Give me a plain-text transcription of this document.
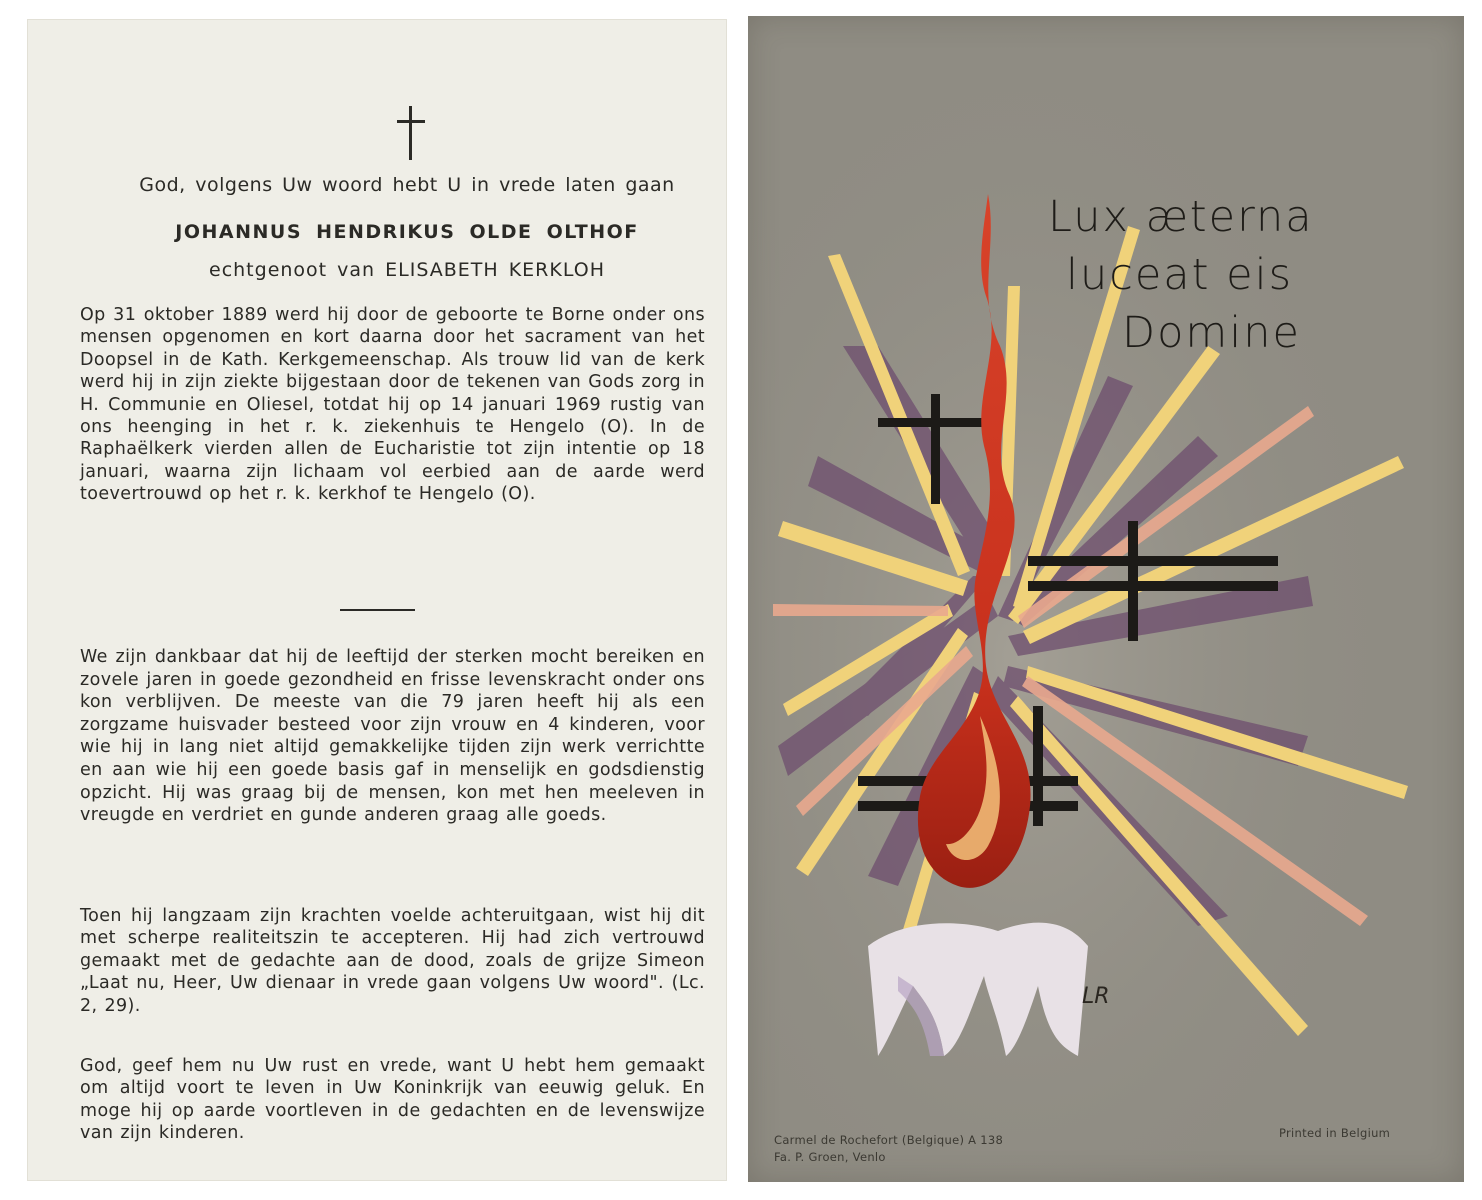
God, volgens Uw woord hebt U in vrede laten gaan
JOHANNUS HENDRIKUS OLDE OLTHOF
echtgenoot van ELISABETH KERKLOH

Op 31 oktober 1889 werd hij door de geboorte te Borne onder ons mensen opgenomen en kort daarna door het sacrament van het Doopsel in de Kath. Kerkgemeenschap. Als trouw lid van de kerk werd hij in zijn ziekte bijgestaan door de tekenen van Gods zorg in H. Communie en Oliesel, totdat hij op 14 januari 1969 rustig van ons heenging in het r. k. ziekenhuis te Hengelo (O). In de Raphaëlkerk vierden allen de Eucharistie tot zijn intentie op 18 januari, waarna zijn lichaam vol eerbied aan de aarde werd toevertrouwd op het r. k. kerkhof te Hengelo (O).

We zijn dankbaar dat hij de leeftijd der sterken mocht bereiken en zovele jaren in goede gezondheid en frisse levenskracht onder ons kon verblijven. De meeste van die 79 jaren heeft hij als een zorgzame huisvader besteed voor zijn vrouw en 4 kinderen, voor wie hij in lang niet altijd gemakkelijke tijden zijn werk verrichtte en aan wie hij een goede basis gaf in menselijk en godsdienstig opzicht. Hij was graag bij de mensen, kon met hen meeleven in vreugde en verdriet en gunde anderen graag alle goeds.

Toen hij langzaam zijn krachten voelde achteruitgaan, wist hij dit met scherpe realiteitszin te accepteren. Hij had zich vertrouwd gemaakt met de gedachte aan de dood, zoals de grijze Simeon „Laat nu, Heer, Uw dienaar in vrede gaan volgens Uw woord". (Lc. 2, 29).

God, geef hem nu Uw rust en vrede, want U hebt hem gemaakt om altijd voort te leven in Uw Koninkrijk van eeuwig geluk. En moge hij op aarde voortleven in de gedachten en de levenswijze van zijn kinderen.

Lux æterna
luceat eis
Domine
LR
Carmel de Rochefort (Belgique) A 138
Fa. P. Groen, Venlo
Printed in Belgium
